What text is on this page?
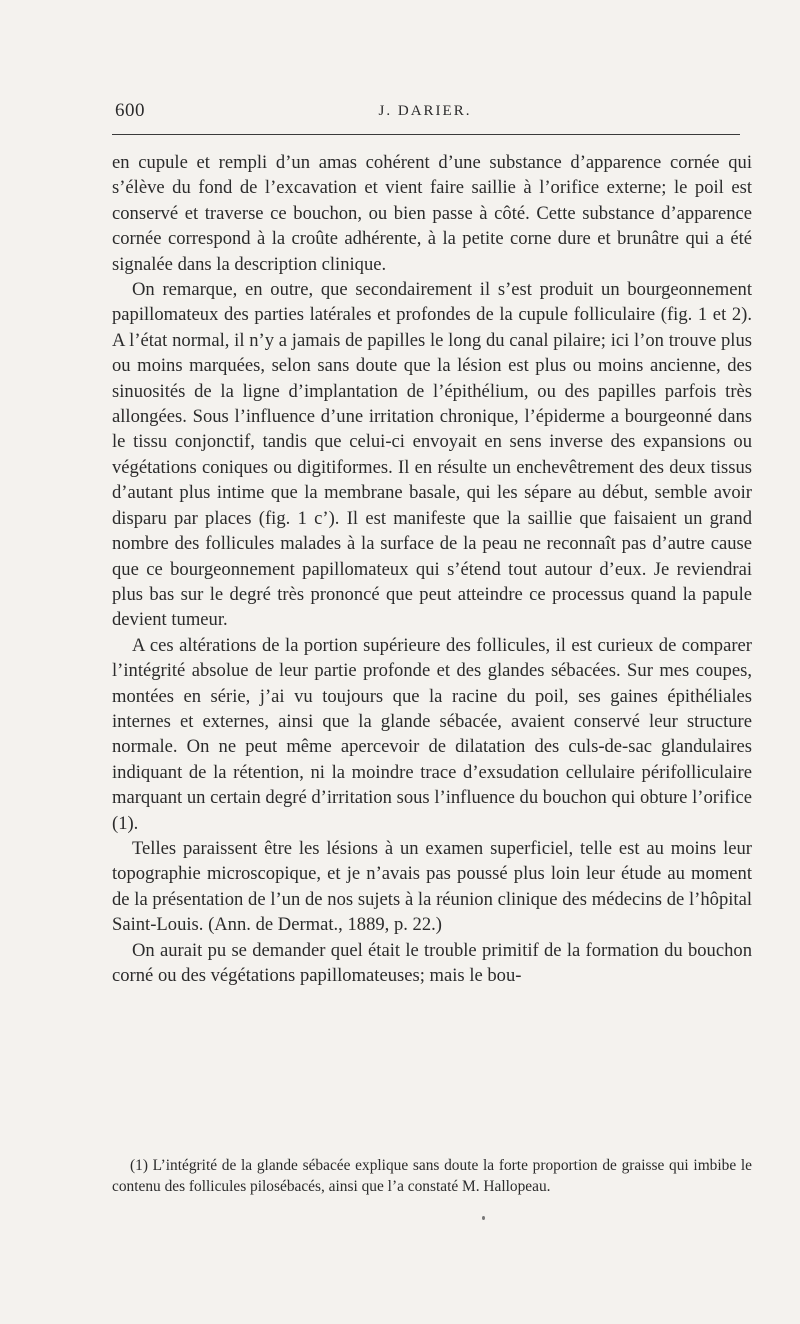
600	J. DARIER.

en cupule et rempli d’un amas cohérent d’une substance d’apparence cornée qui s’élève du fond de l’excavation et vient faire saillie à l’orifice externe; le poil est conservé et traverse ce bouchon, ou bien passe à côté. Cette substance d’apparence cornée correspond à la croûte adhérente, à la petite corne dure et brunâtre qui a été signalée dans la description clinique.

On remarque, en outre, que secondairement il s’est produit un bourgeonnement papillomateux des parties latérales et profondes de la cupule folliculaire (fig. 1 et 2). A l’état normal, il n’y a jamais de papilles le long du canal pilaire; ici l’on trouve plus ou moins marquées, selon sans doute que la lésion est plus ou moins ancienne, des sinuosités de la ligne d’implantation de l’épithélium, ou des papilles parfois très allongées. Sous l’influence d’une irritation chronique, l’épiderme a bourgeonné dans le tissu conjonctif, tandis que celui-ci envoyait en sens inverse des expansions ou végétations coniques ou digitiformes. Il en résulte un enchevêtrement des deux tissus d’autant plus intime que la membrane basale, qui les sépare au début, semble avoir disparu par places (fig. 1 c’). Il est manifeste que la saillie que faisaient un grand nombre des follicules malades à la surface de la peau ne reconnaît pas d’autre cause que ce bourgeonnement papillomateux qui s’étend tout autour d’eux. Je reviendrai plus bas sur le degré très prononcé que peut atteindre ce processus quand la papule devient tumeur.

A ces altérations de la portion supérieure des follicules, il est curieux de comparer l’intégrité absolue de leur partie profonde et des glandes sébacées. Sur mes coupes, montées en série, j’ai vu toujours que la racine du poil, ses gaines épithéliales internes et externes, ainsi que la glande sébacée, avaient conservé leur structure normale. On ne peut même apercevoir de dilatation des culs-de-sac glandulaires indiquant de la rétention, ni la moindre trace d’exsudation cellulaire périfolliculaire marquant un certain degré d’irritation sous l’influence du bouchon qui obture l’orifice (1).

Telles paraissent être les lésions à un examen superficiel, telle est au moins leur topographie microscopique, et je n’avais pas poussé plus loin leur étude au moment de la présentation de l’un de nos sujets à la réunion clinique des médecins de l’hôpital Saint-Louis. (Ann. de Dermat., 1889, p. 22.)

On aurait pu se demander quel était le trouble primitif de la formation du bouchon corné ou des végétations papillomateuses; mais le bou-

(1) L’intégrité de la glande sébacée explique sans doute la forte proportion de graisse qui imbibe le contenu des follicules pilosébacés, ainsi que l’a constaté M. Hallopeau.
